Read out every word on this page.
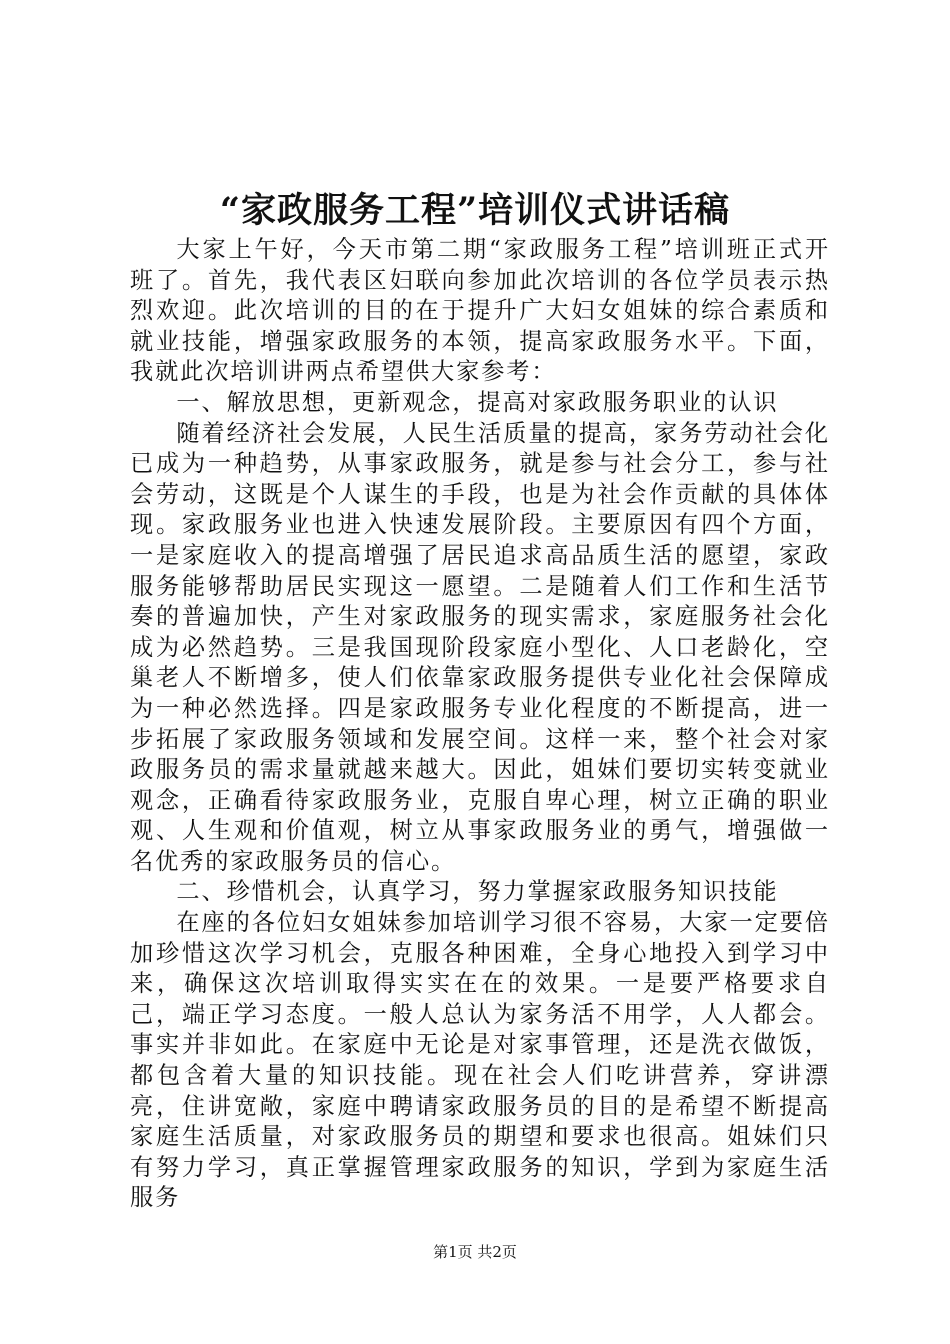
“家政服务工程”培训仪式讲话稿

大家上午好，今天市第二期“家政服务工程”培训班正式开班了。首先，我代表区妇联向参加此次培训的各位学员表示热烈欢迎。此次培训的目的在于提升广大妇女姐妹的综合素质和就业技能，增强家政服务的本领，提高家政服务水平。下面，我就此次培训讲两点希望供大家参考：

一、解放思想，更新观念，提高对家政服务职业的认识

随着经济社会发展，人民生活质量的提高，家务劳动社会化已成为一种趋势，从事家政服务，就是参与社会分工，参与社会劳动，这既是个人谋生的手段，也是为社会作贡献的具体体现。家政服务业也进入快速发展阶段。主要原因有四个方面，一是家庭收入的提高增强了居民追求高品质生活的愿望，家政服务能够帮助居民实现这一愿望。二是随着人们工作和生活节奏的普遍加快，产生对家政服务的现实需求，家庭服务社会化成为必然趋势。三是我国现阶段家庭小型化、人口老龄化，空巢老人不断增多，使人们依靠家政服务提供专业化社会保障成为一种必然选择。四是家政服务专业化程度的不断提高，进一步拓展了家政服务领域和发展空间。这样一来，整个社会对家政服务员的需求量就越来越大。因此，姐妹们要切实转变就业观念，正确看待家政服务业，克服自卑心理，树立正确的职业观、人生观和价值观，树立从事家政服务业的勇气，增强做一名优秀的家政服务员的信心。

二、珍惜机会，认真学习，努力掌握家政服务知识技能

在座的各位妇女姐妹参加培训学习很不容易，大家一定要倍加珍惜这次学习机会，克服各种困难，全身心地投入到学习中来，确保这次培训取得实实在在的效果。一是要严格要求自己，端正学习态度。一般人总认为家务活不用学，人人都会。事实并非如此。在家庭中无论是对家事管理，还是洗衣做饭，都包含着大量的知识技能。现在社会人们吃讲营养，穿讲漂亮，住讲宽敞，家庭中聘请家政服务员的目的是希望不断提高家庭生活质量，对家政服务员的期望和要求也很高。姐妹们只有努力学习，真正掌握管理家政服务的知识，学到为家庭生活服务

第1页 共2页
